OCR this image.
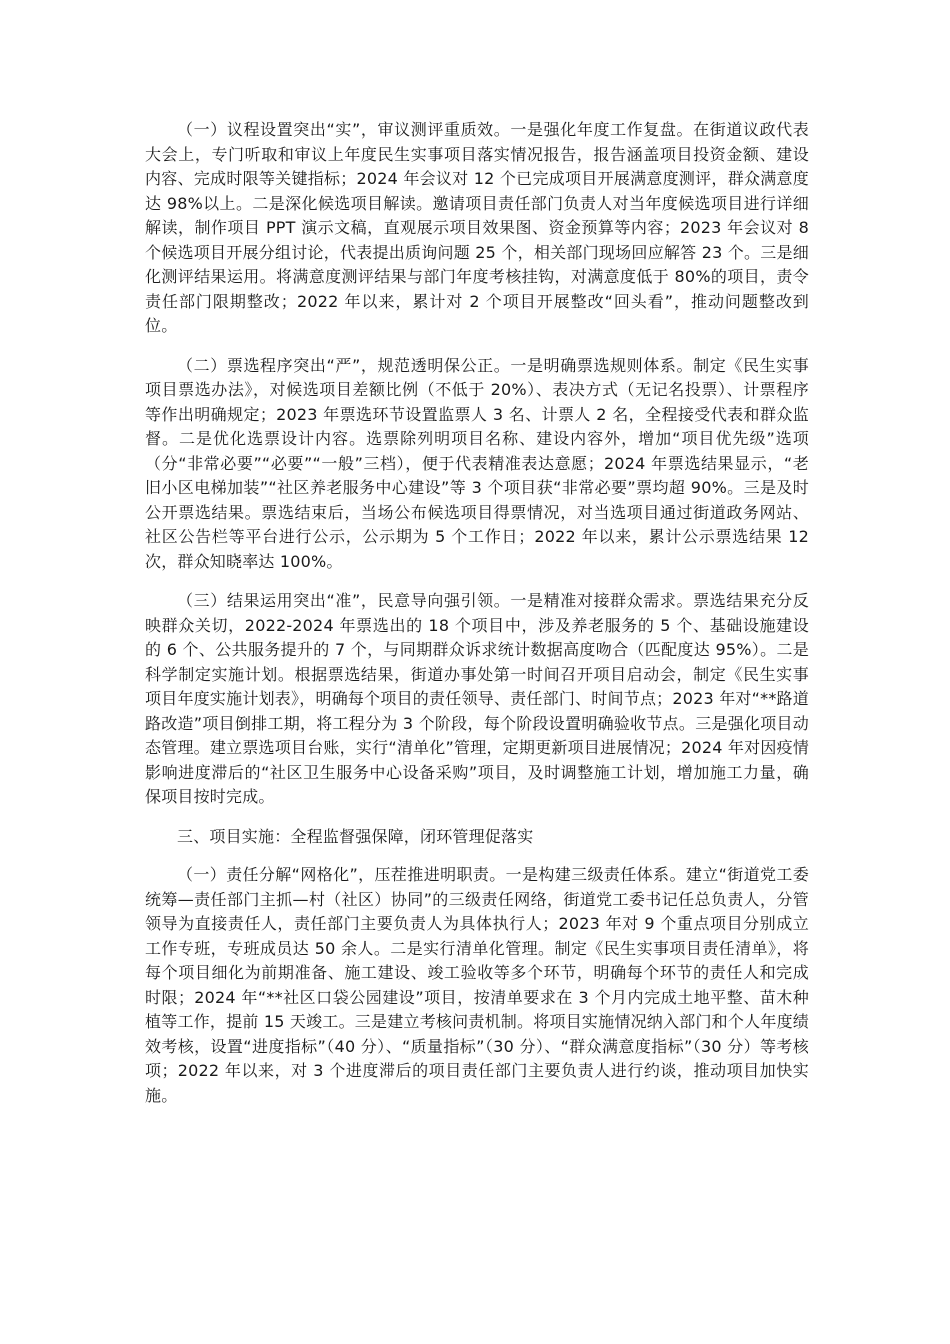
（一）议程设置突出“实”，审议测评重质效。一是强化年度工作复盘。在街道议政代表大会上，专门听取和审议上年度民生实事项目落实情况报告，报告涵盖项目投资金额、建设内容、完成时限等关键指标；2024 年会议对 12 个已完成项目开展满意度测评，群众满意度达 98%以上。二是深化候选项目解读。邀请项目责任部门负责人对当年度候选项目进行详细解读，制作项目 PPT 演示文稿，直观展示项目效果图、资金预算等内容；2023 年会议对 8 个候选项目开展分组讨论，代表提出质询问题 25 个，相关部门现场回应解答 23 个。三是细化测评结果运用。将满意度测评结果与部门年度考核挂钩，对满意度低于 80%的项目，责令责任部门限期整改；2022 年以来，累计对 2 个项目开展整改“回头看”，推动问题整改到位。

（二）票选程序突出“严”，规范透明保公正。一是明确票选规则体系。制定《民生实事项目票选办法》，对候选项目差额比例（不低于 20%）、表决方式（无记名投票）、计票程序等作出明确规定；2023 年票选环节设置监票人 3 名、计票人 2 名，全程接受代表和群众监督。二是优化选票设计内容。选票除列明项目名称、建设内容外，增加“项目优先级”选项（分“非常必要”“必要”“一般”三档），便于代表精准表达意愿；2024 年票选结果显示，“老旧小区电梯加装”“社区养老服务中心建设”等 3 个项目获“非常必要”票均超 90%。三是及时公开票选结果。票选结束后，当场公布候选项目得票情况，对当选项目通过街道政务网站、社区公告栏等平台进行公示，公示期为 5 个工作日；2022 年以来，累计公示票选结果 12 次，群众知晓率达 100%。

（三）结果运用突出“准”，民意导向强引领。一是精准对接群众需求。票选结果充分反映群众关切，2022-2024 年票选出的 18 个项目中，涉及养老服务的 5 个、基础设施建设的 6 个、公共服务提升的 7 个，与同期群众诉求统计数据高度吻合（匹配度达 95%）。二是科学制定实施计划。根据票选结果，街道办事处第一时间召开项目启动会，制定《民生实事项目年度实施计划表》，明确每个项目的责任领导、责任部门、时间节点；2023 年对“**路道路改造”项目倒排工期，将工程分为 3 个阶段，每个阶段设置明确验收节点。三是强化项目动态管理。建立票选项目台账，实行“清单化”管理，定期更新项目进展情况；2024 年对因疫情影响进度滞后的“社区卫生服务中心设备采购”项目，及时调整施工计划，增加施工力量，确保项目按时完成。

三、项目实施：全程监督强保障，闭环管理促落实

（一）责任分解“网格化”，压茬推进明职责。一是构建三级责任体系。建立“街道党工委统筹—责任部门主抓—村（社区）协同”的三级责任网络，街道党工委书记任总负责人，分管领导为直接责任人，责任部门主要负责人为具体执行人；2023 年对 9 个重点项目分别成立工作专班，专班成员达 50 余人。二是实行清单化管理。制定《民生实事项目责任清单》，将每个项目细化为前期准备、施工建设、竣工验收等多个环节，明确每个环节的责任人和完成时限；2024 年“**社区口袋公园建设”项目，按清单要求在 3 个月内完成土地平整、苗木种植等工作，提前 15 天竣工。三是建立考核问责机制。将项目实施情况纳入部门和个人年度绩效考核，设置“进度指标”（40 分）、“质量指标”（30 分）、“群众满意度指标”（30 分）等考核项；2022 年以来，对 3 个进度滞后的项目责任部门主要负责人进行约谈，推动项目加快实施。
